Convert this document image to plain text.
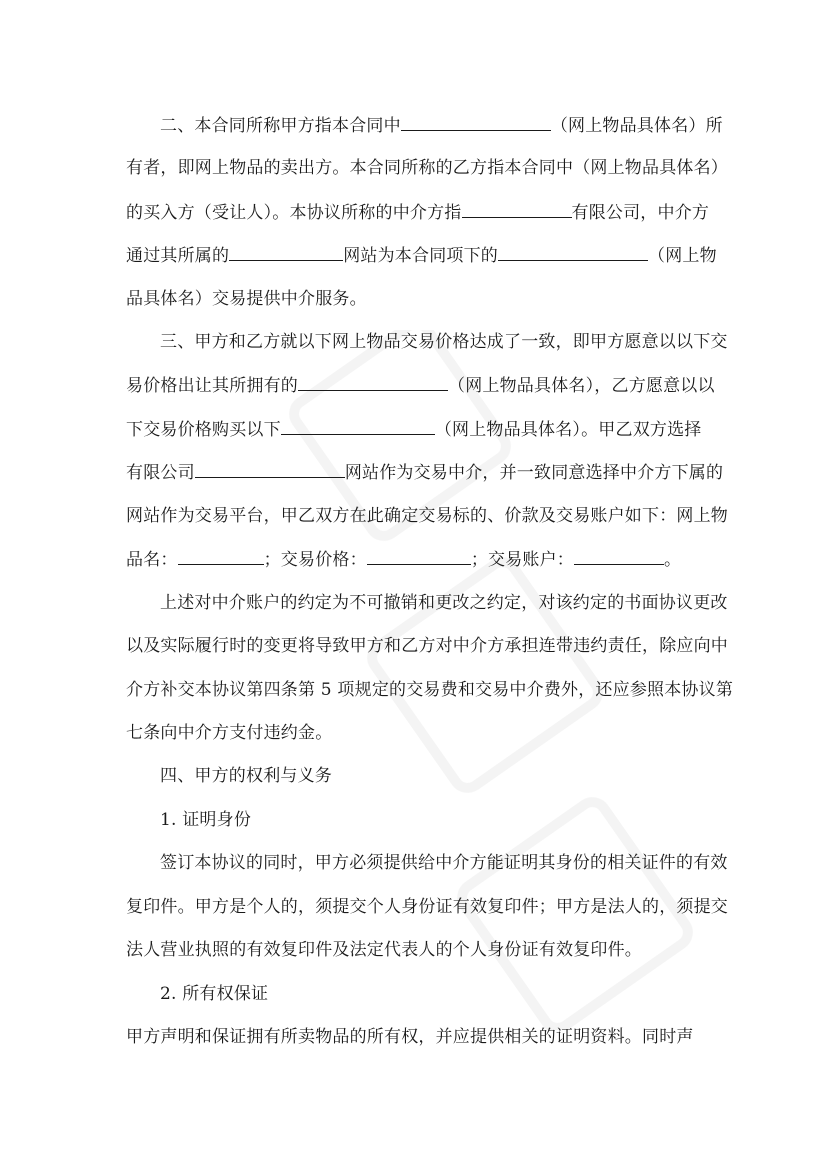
二、本合同所称甲方指本合同中	（网上物品具体名）所
有者，即网上物品的卖出方。本合同所称的乙方指本合同中（网上物品具体名）
的买入方（受让人）。本协议所称的中介方指	有限公司，中介方
通过其所属的	网站为本合同项下的	（网上物
品具体名）交易提供中介服务。
三、甲方和乙方就以下网上物品交易价格达成了一致，即甲方愿意以以下交
易价格出让其所拥有的	（网上物品具体名），乙方愿意以以
下交易价格购买以下	（网上物品具体名）。甲乙双方选择
有限公司	网站作为交易中介，并一致同意选择中介方下属的
网站作为交易平台，甲乙双方在此确定交易标的、价款及交易账户如下：网上物
品名：	；交易价格：	；交易账户：	。
上述对中介账户的约定为不可撤销和更改之约定，对该约定的书面协议更改
以及实际履行时的变更将导致甲方和乙方对中介方承担连带违约责任，除应向中
介方补交本协议第四条第 5 项规定的交易费和交易中介费外，还应参照本协议第
七条向中介方支付违约金。
四、甲方的权利与义务
1. 证明身份
签订本协议的同时，甲方必须提供给中介方能证明其身份的相关证件的有效
复印件。甲方是个人的，须提交个人身份证有效复印件；甲方是法人的，须提交
法人营业执照的有效复印件及法定代表人的个人身份证有效复印件。
2. 所有权保证
甲方声明和保证拥有所卖物品的所有权，并应提供相关的证明资料。同时声
